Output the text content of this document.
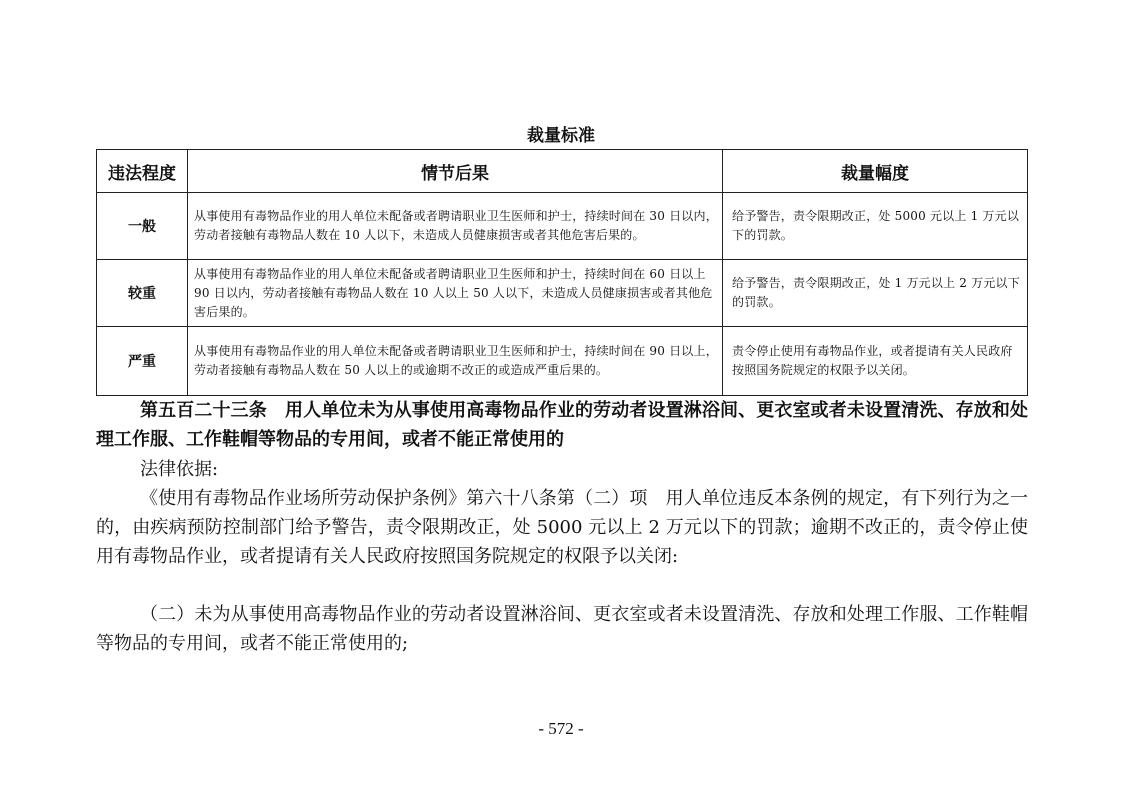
裁量标准
违法程度	情节后果	裁量幅度
一般	从事使用有毒物品作业的用人单位未配备或者聘请职业卫生医师和护士，持续时间在 30 日以内，劳动者接触有毒物品人数在 10 人以下，未造成人员健康损害或者其他危害后果的。	给予警告，责令限期改正，处 5000 元以上 1 万元以下的罚款。
较重	从事使用有毒物品作业的用人单位未配备或者聘请职业卫生医师和护士，持续时间在 60 日以上 90 日以内，劳动者接触有毒物品人数在 10 人以上 50 人以下，未造成人员健康损害或者其他危害后果的。	给予警告，责令限期改正，处 1 万元以上 2 万元以下的罚款。
严重	从事使用有毒物品作业的用人单位未配备或者聘请职业卫生医师和护士，持续时间在 90 日以上，劳动者接触有毒物品人数在 50 人以上的或逾期不改正的或造成严重后果的。	责令停止使用有毒物品作业，或者提请有关人民政府按照国务院规定的权限予以关闭。
第五百二十三条　用人单位未为从事使用高毒物品作业的劳动者设置淋浴间、更衣室或者未设置清洗、存放和处理工作服、工作鞋帽等物品的专用间，或者不能正常使用的
法律依据:
《使用有毒物品作业场所劳动保护条例》第六十八条第（二）项　用人单位违反本条例的规定，有下列行为之一的，由疾病预防控制部门给予警告，责令限期改正，处 5000 元以上 2 万元以下的罚款；逾期不改正的，责令停止使用有毒物品作业，或者提请有关人民政府按照国务院规定的权限予以关闭:
（二）未为从事使用高毒物品作业的劳动者设置淋浴间、更衣室或者未设置清洗、存放和处理工作服、工作鞋帽等物品的专用间，或者不能正常使用的;
- 572 -
